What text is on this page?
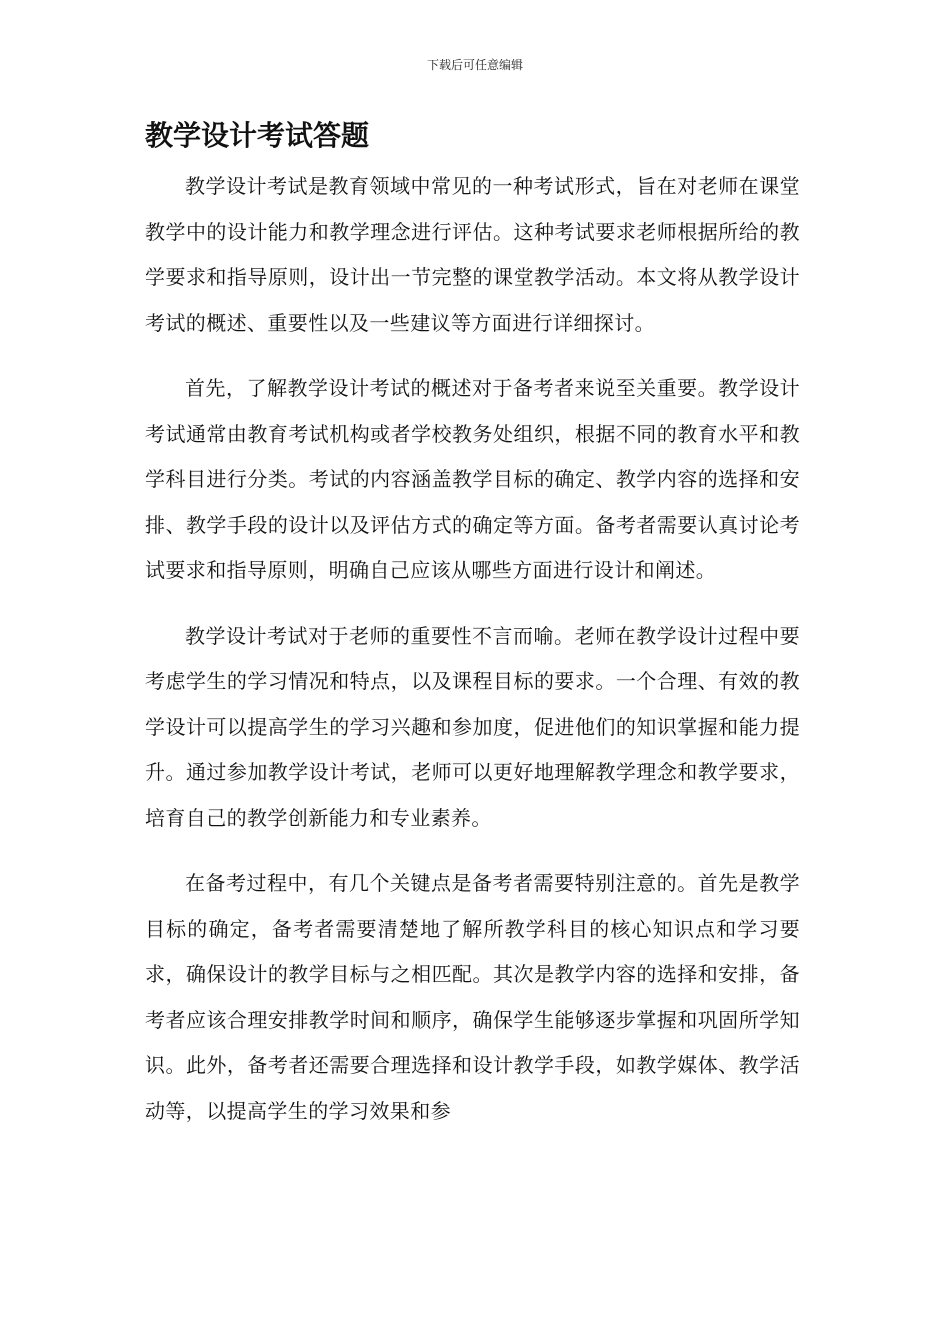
下载后可任意编辑
教学设计考试答题

教学设计考试是教育领域中常见的一种考试形式，旨在对老师在课堂教学中的设计能力和教学理念进行评估。这种考试要求老师根据所给的教学要求和指导原则，设计出一节完整的课堂教学活动。本文将从教学设计考试的概述、重要性以及一些建议等方面进行详细探讨。

首先，了解教学设计考试的概述对于备考者来说至关重要。教学设计考试通常由教育考试机构或者学校教务处组织，根据不同的教育水平和教学科目进行分类。考试的内容涵盖教学目标的确定、教学内容的选择和安排、教学手段的设计以及评估方式的确定等方面。备考者需要认真讨论考试要求和指导原则，明确自己应该从哪些方面进行设计和阐述。

教学设计考试对于老师的重要性不言而喻。老师在教学设计过程中要考虑学生的学习情况和特点，以及课程目标的要求。一个合理、有效的教学设计可以提高学生的学习兴趣和参加度，促进他们的知识掌握和能力提升。通过参加教学设计考试，老师可以更好地理解教学理念和教学要求，培育自己的教学创新能力和专业素养。

在备考过程中，有几个关键点是备考者需要特别注意的。首先是教学目标的确定，备考者需要清楚地了解所教学科目的核心知识点和学习要求，确保设计的教学目标与之相匹配。其次是教学内容的选择和安排，备考者应该合理安排教学时间和顺序，确保学生能够逐步掌握和巩固所学知识。此外，备考者还需要合理选择和设计教学手段，如教学媒体、教学活动等，以提高学生的学习效果和参
